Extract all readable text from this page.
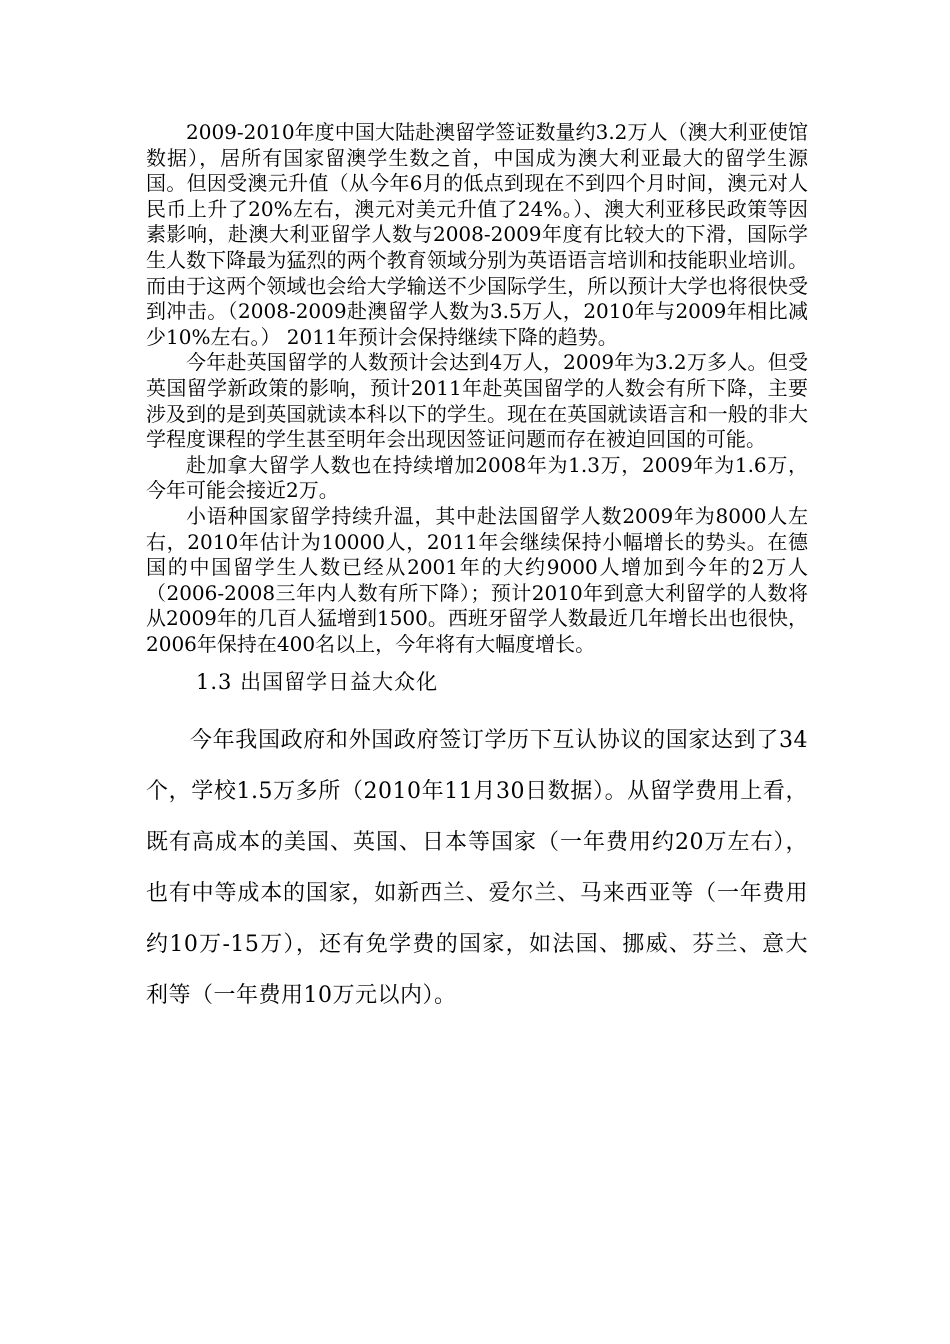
2009-2010年度中国大陆赴澳留学签证数量约3.2万人（澳大利亚使馆数据），居所有国家留澳学生数之首，中国成为澳大利亚最大的留学生源国。但因受澳元升值（从今年6月的低点到现在不到四个月时间，澳元对人民币上升了20%左右，澳元对美元升值了24%。）、澳大利亚移民政策等因素影响，赴澳大利亚留学人数与2008-2009年度有比较大的下滑，国际学生人数下降最为猛烈的两个教育领域分别为英语语言培训和技能职业培训。而由于这两个领域也会给大学输送不少国际学生，所以预计大学也将很快受到冲击。（2008-2009赴澳留学人数为3.5万人，2010年与2009年相比减少10%左右。） 2011年预计会保持继续下降的趋势。

今年赴英国留学的人数预计会达到4万人，2009年为3.2万多人。但受英国留学新政策的影响，预计2011年赴英国留学的人数会有所下降，主要涉及到的是到英国就读本科以下的学生。现在在英国就读语言和一般的非大学程度课程的学生甚至明年会出现因签证问题而存在被迫回国的可能。

赴加拿大留学人数也在持续增加2008年为1.3万，2009年为1.6万，今年可能会接近2万。

小语种国家留学持续升温，其中赴法国留学人数2009年为8000人左右，2010年估计为10000人，2011年会继续保持小幅增长的势头。在德国的中国留学生人数已经从2001年的大约9000人增加到今年的2万人（2006-2008三年内人数有所下降）；预计2010年到意大利留学的人数将从2009年的几百人猛增到1500。西班牙留学人数最近几年增长出也很快，2006年保持在400名以上，今年将有大幅度增长。

1.3 出国留学日益大众化

今年我国政府和外国政府签订学历下互认协议的国家达到了34个，学校1.5万多所（2010年11月30日数据）。从留学费用上看，既有高成本的美国、英国、日本等国家（一年费用约20万左右），也有中等成本的国家，如新西兰、爱尔兰、马来西亚等（一年费用约10万-15万），还有免学费的国家，如法国、挪威、芬兰、意大利等（一年费用10万元以内）。
